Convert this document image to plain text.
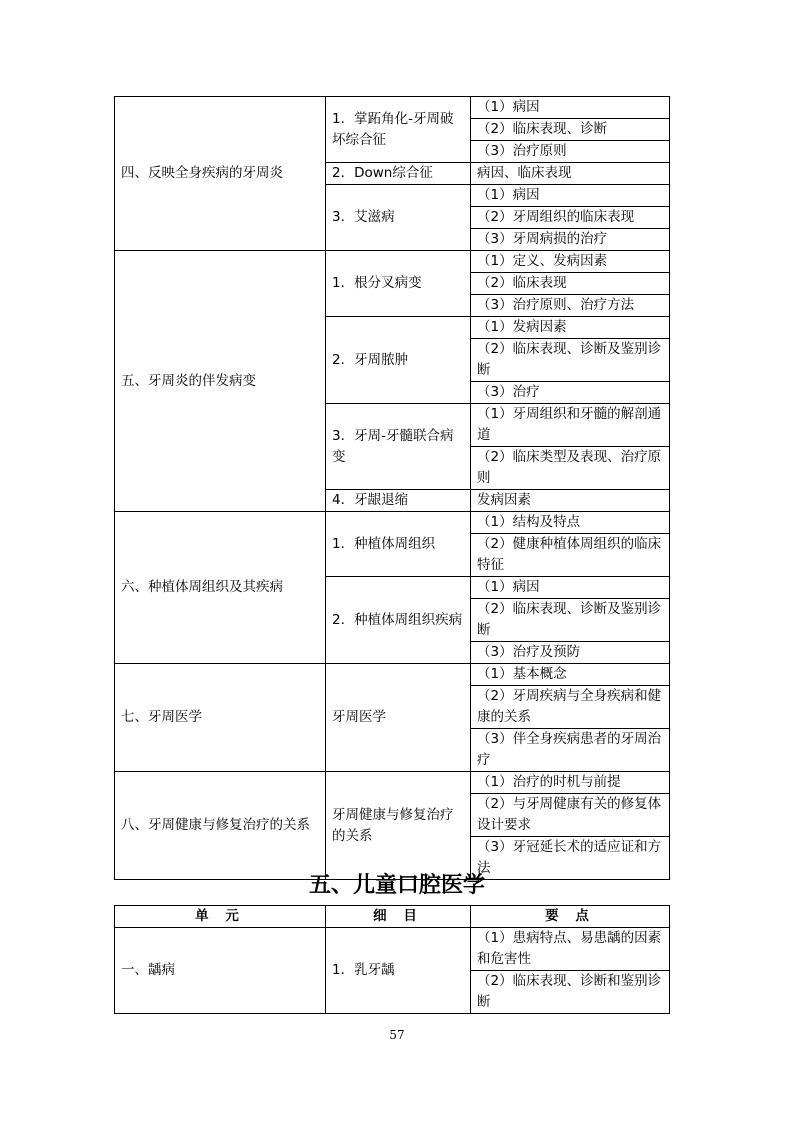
四、反映全身疾病的牙周炎	1．掌跖角化-牙周破坏综合征	（1）病因
		（2）临床表现、诊断
		（3）治疗原则
	2．Down综合征	病因、临床表现
	3．艾滋病	（1）病因
		（2）牙周组织的临床表现
		（3）牙周病损的治疗
五、牙周炎的伴发病变	1．根分叉病变	（1）定义、发病因素
		（2）临床表现
		（3）治疗原则、治疗方法
	2．牙周脓肿	（1）发病因素
		（2）临床表现、诊断及鉴别诊断
		（3）治疗
	3．牙周-牙髓联合病变	（1）牙周组织和牙髓的解剖通道
		（2）临床类型及表现、治疗原则
	4．牙龈退缩	发病因素
六、种植体周组织及其疾病	1．种植体周组织	（1）结构及特点
		（2）健康种植体周组织的临床特征
	2．种植体周组织疾病	（1）病因
		（2）临床表现、诊断及鉴别诊断
		（3）治疗及预防
七、牙周医学	牙周医学	（1）基本概念
		（2）牙周疾病与全身疾病和健康的关系
		（3）伴全身疾病患者的牙周治疗
八、牙周健康与修复治疗的关系	牙周健康与修复治疗的关系	（1）治疗的时机与前提
		（2）与牙周健康有关的修复体设计要求
		（3）牙冠延长术的适应证和方法
五、儿童口腔医学
单 元	细 目	要 点
一、龋病	1．乳牙龋	（1）患病特点、易患龋的因素和危害性
		（2）临床表现、诊断和鉴别诊断
57
